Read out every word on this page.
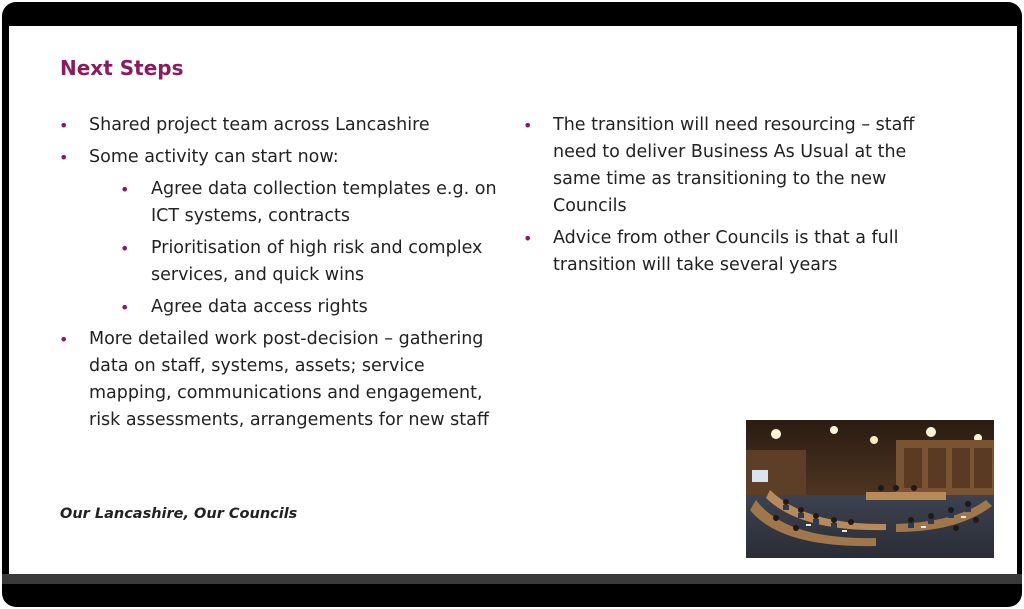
Next Steps
• Shared project team across Lancashire
• Some activity can start now:
• Agree data collection templates e.g. on ICT systems, contracts
• Prioritisation of high risk and complex services, and quick wins
• Agree data access rights
• More detailed work post-decision – gathering data on staff, systems, assets; service mapping, communications and engagement, risk assessments, arrangements for new staff
• The transition will need resourcing – staff need to deliver Business As Usual at the same time as transitioning to the new Councils
• Advice from other Councils is that a full transition will take several years
Our Lancashire, Our Councils
